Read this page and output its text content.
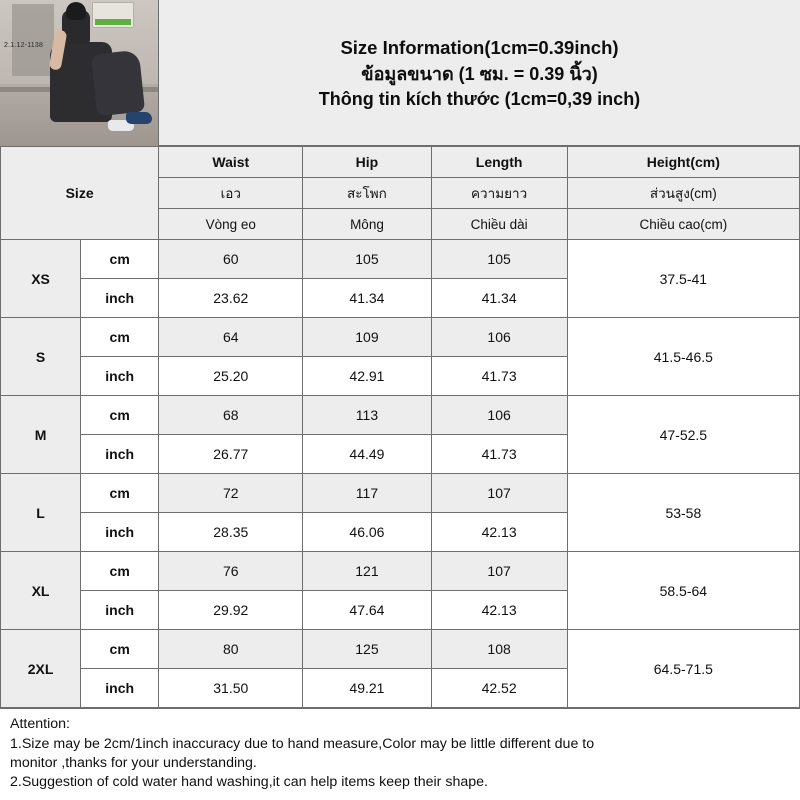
2.1.12-1138	Size Information(1cm=0.39inch)
ข้อมูลขนาด (1 ซม. = 0.39 นิ้ว)
Thông tin kích thước (1cm=0,39 inch)
Size		Waist	Hip	Length	Height(cm)
		เอว	สะโพก	ความยาว	ส่วนสูง(cm)
		Vòng eo	Mông	Chiều dài	Chiều cao(cm)
XS	cm	60	105	105	37.5-41
	inch	23.62	41.34	41.34	
S	cm	64	109	106	41.5-46.5
	inch	25.20	42.91	41.73	
M	cm	68	113	106	47-52.5
	inch	26.77	44.49	41.73	
L	cm	72	117	107	53-58
	inch	28.35	46.06	42.13	
XL	cm	76	121	107	58.5-64
	inch	29.92	47.64	42.13	
2XL	cm	80	125	108	64.5-71.5
	inch	31.50	49.21	42.52	
Attention:
1.Size may be 2cm/1inch inaccuracy due to hand measure,Color may be little different due to
monitor ,thanks for your understanding.
2.Suggestion of cold water hand washing,it can help items keep their shape.
